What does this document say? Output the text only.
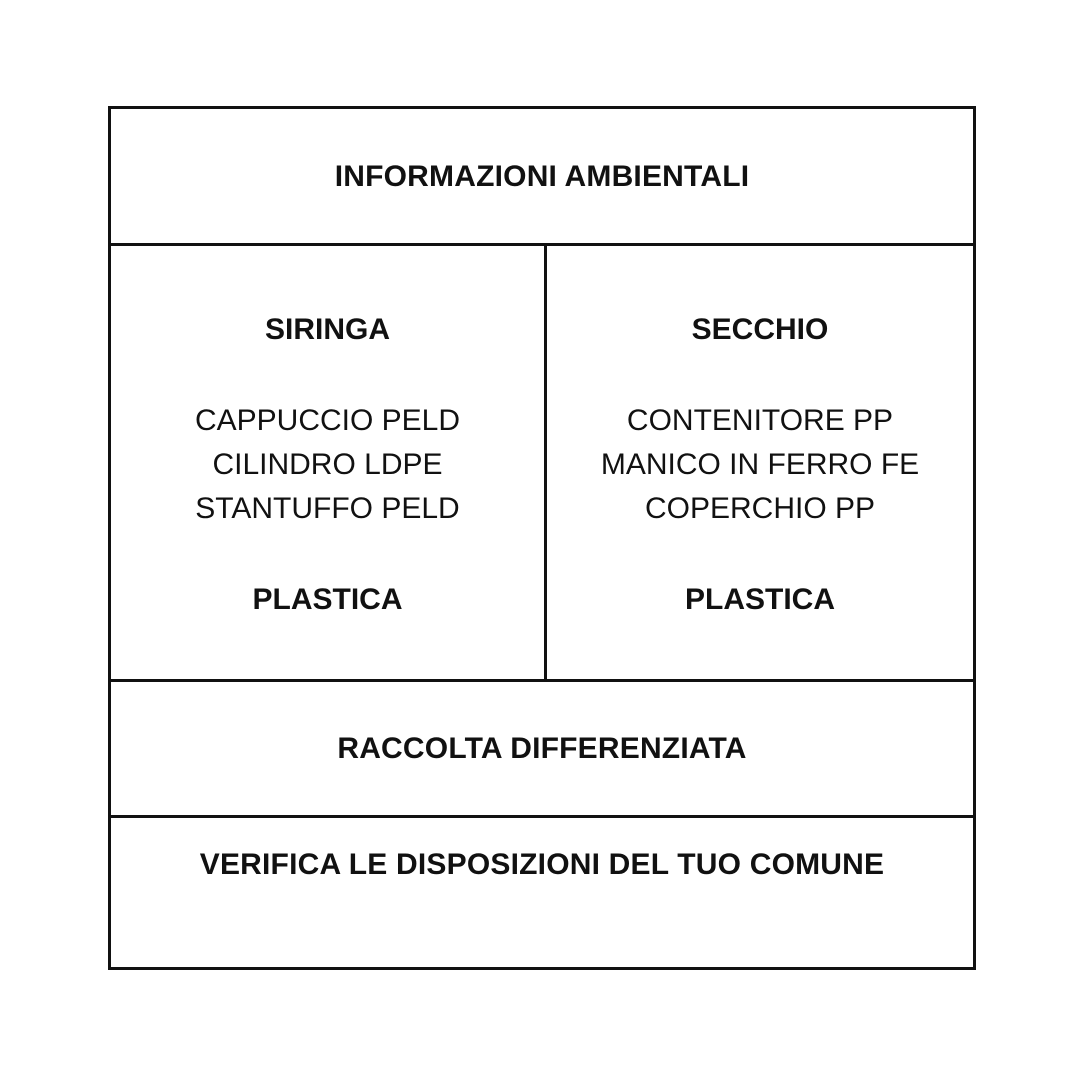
INFORMAZIONI AMBIENTALI
SIRINGA
CAPPUCCIO PELD
CILINDRO LDPE
STANTUFFO PELD
PLASTICA
SECCHIO
CONTENITORE PP
MANICO IN FERRO FE
COPERCHIO PP
PLASTICA
RACCOLTA DIFFERENZIATA
VERIFICA LE DISPOSIZIONI DEL TUO COMUNE
